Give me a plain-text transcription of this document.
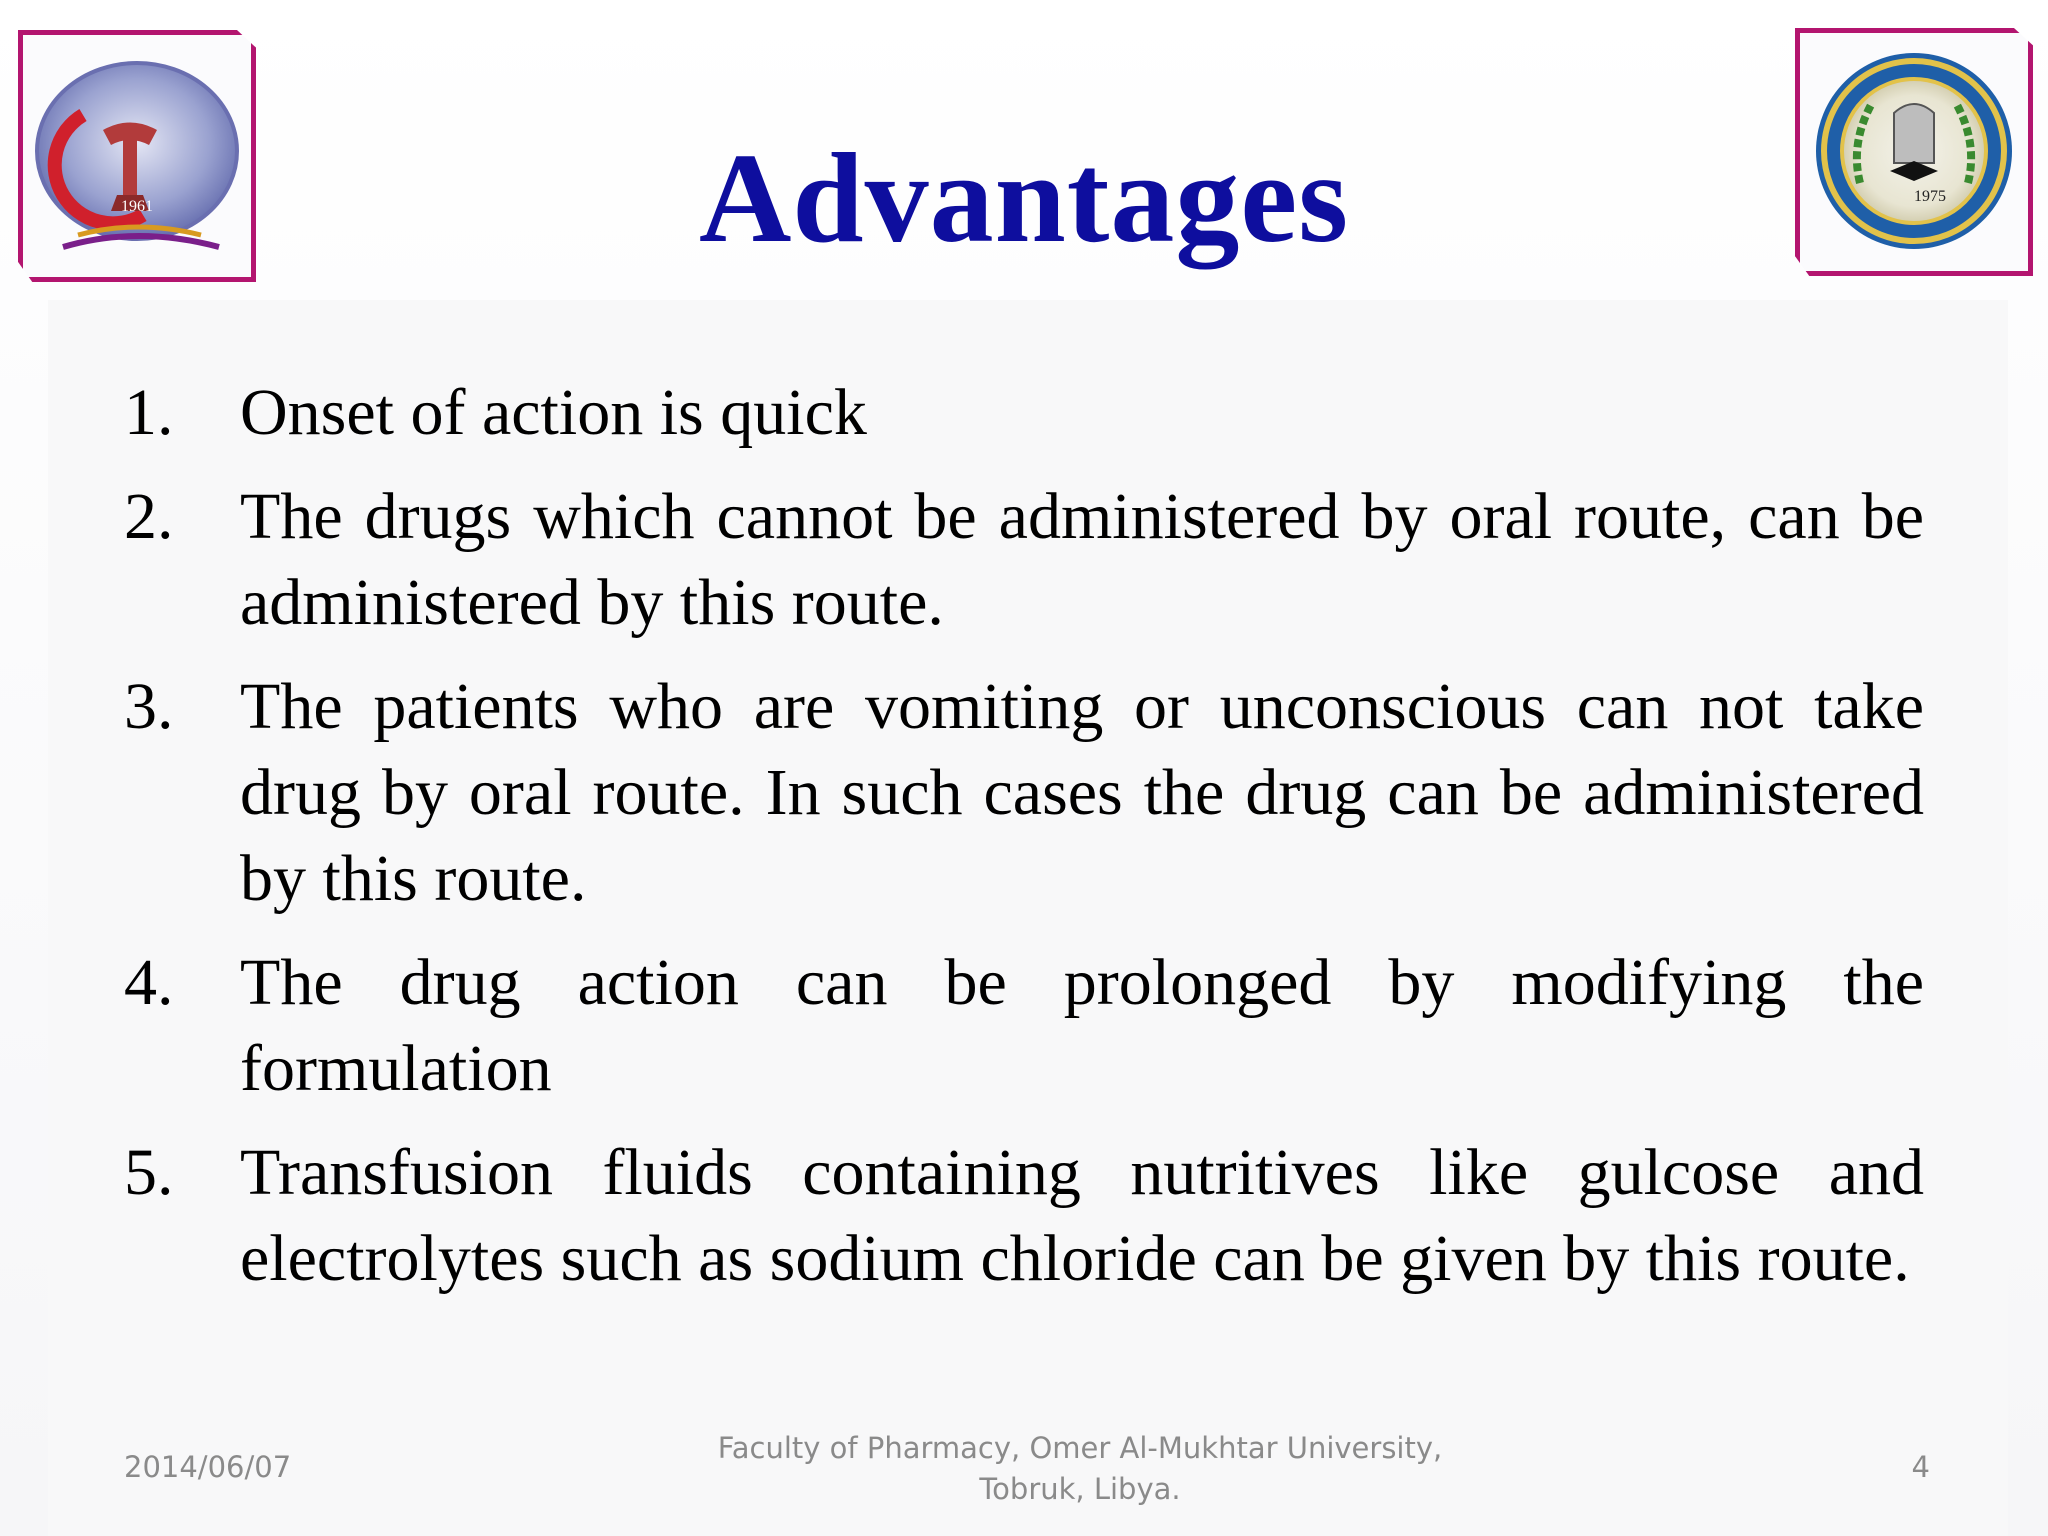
1961
1975
Advantages
1.	Onset of action is quick
2.	The drugs which cannot be administered by oral route, can be administered by this route.
3.	The patients who are vomiting or unconscious can not take drug by oral route. In such cases the drug can be administered by this route.
4.	The drug action can be prolonged by modifying the formulation
5.	Transfusion fluids containing nutritives like gulcose and electrolytes such as sodium chloride can be given by this route.
2014/06/07
Faculty of Pharmacy, Omer Al-Mukhtar University,
Tobruk, Libya.
4
